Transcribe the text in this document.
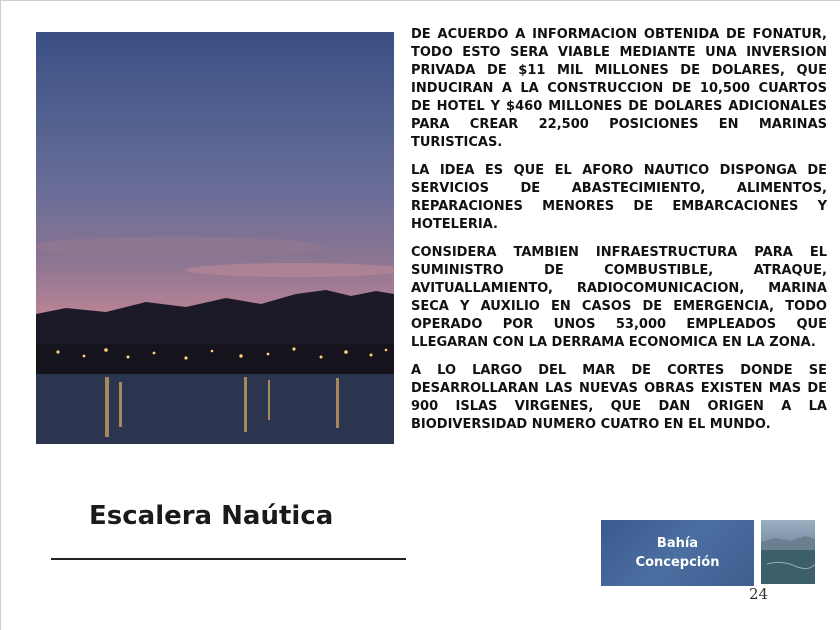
DE ACUERDO A INFORMACION OBTENIDA DE FONATUR, TODO ESTO SERA VIABLE MEDIANTE UNA INVERSION PRIVADA DE $11 MIL MILLONES DE DOLARES, QUE INDUCIRAN A LA CONSTRUCCION DE 10,500 CUARTOS DE HOTEL Y $460 MILLONES DE DOLARES ADICIONALES PARA CREAR 22,500 POSICIONES EN MARINAS TURISTICAS.

LA IDEA ES QUE EL AFORO NAUTICO DISPONGA DE SERVICIOS DE ABASTECIMIENTO, ALIMENTOS, REPARACIONES MENORES DE EMBARCACIONES Y HOTELERIA.

CONSIDERA TAMBIEN INFRAESTRUCTURA PARA EL SUMINISTRO DE COMBUSTIBLE, ATRAQUE, AVITUALLAMIENTO, RADIOCOMUNICACION, MARINA SECA Y AUXILIO EN CASOS DE EMERGENCIA, TODO OPERADO POR UNOS 53,000 EMPLEADOS QUE LLEGARAN CON LA DERRAMA ECONOMICA EN LA ZONA.

A LO LARGO DEL MAR DE CORTES DONDE SE DESARROLLARAN LAS NUEVAS OBRAS EXISTEN MAS DE 900 ISLAS VIRGENES, QUE DAN ORIGEN A LA BIODIVERSIDAD NUMERO CUATRO EN EL MUNDO.

Escalera Naútica
Bahía
Concepción
24
